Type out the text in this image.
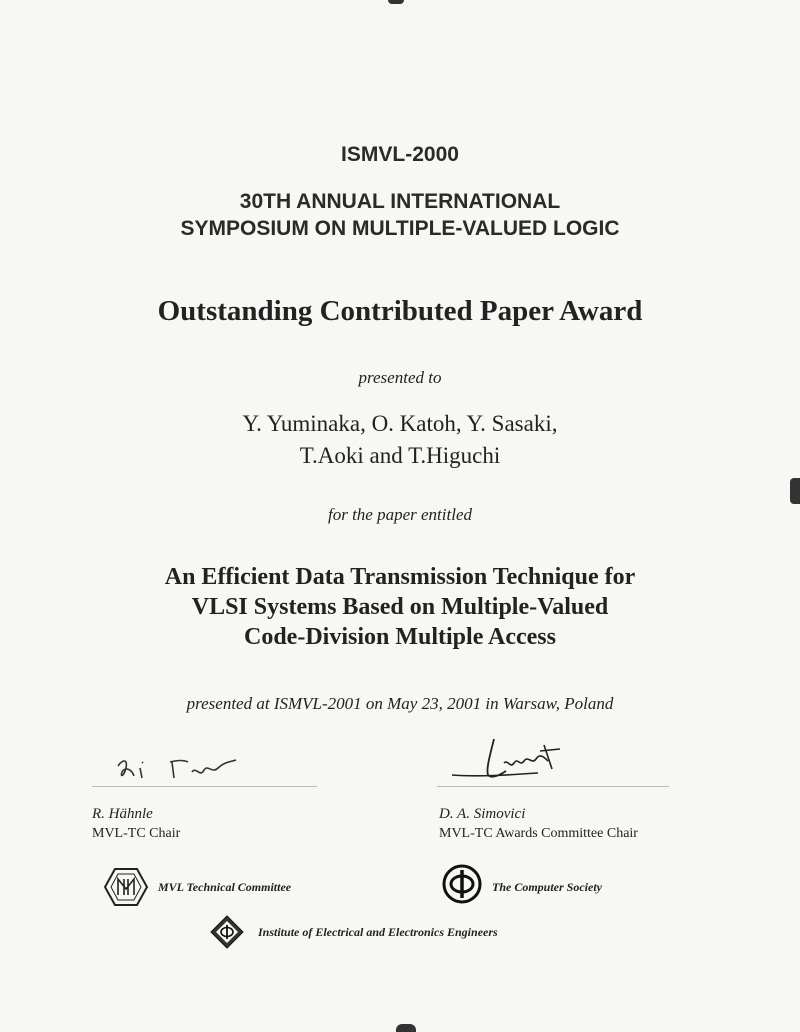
ISMVL-2000
30TH ANNUAL INTERNATIONAL
SYMPOSIUM ON MULTIPLE-VALUED LOGIC
Outstanding Contributed Paper Award
presented to
Y. Yuminaka, O. Katoh, Y. Sasaki,
T.Aoki and T.Higuchi
for the paper entitled
An Efficient Data Transmission Technique for
VLSI Systems Based on Multiple-Valued
Code-Division Multiple Access
presented at ISMVL-2001 on May 23, 2001 in Warsaw, Poland
R. Hähnle
MVL-TC Chair
D. A. Simovici
MVL-TC Awards Committee Chair
MVL Technical Committee	The Computer Society
Institute of Electrical and Electronics Engineers
